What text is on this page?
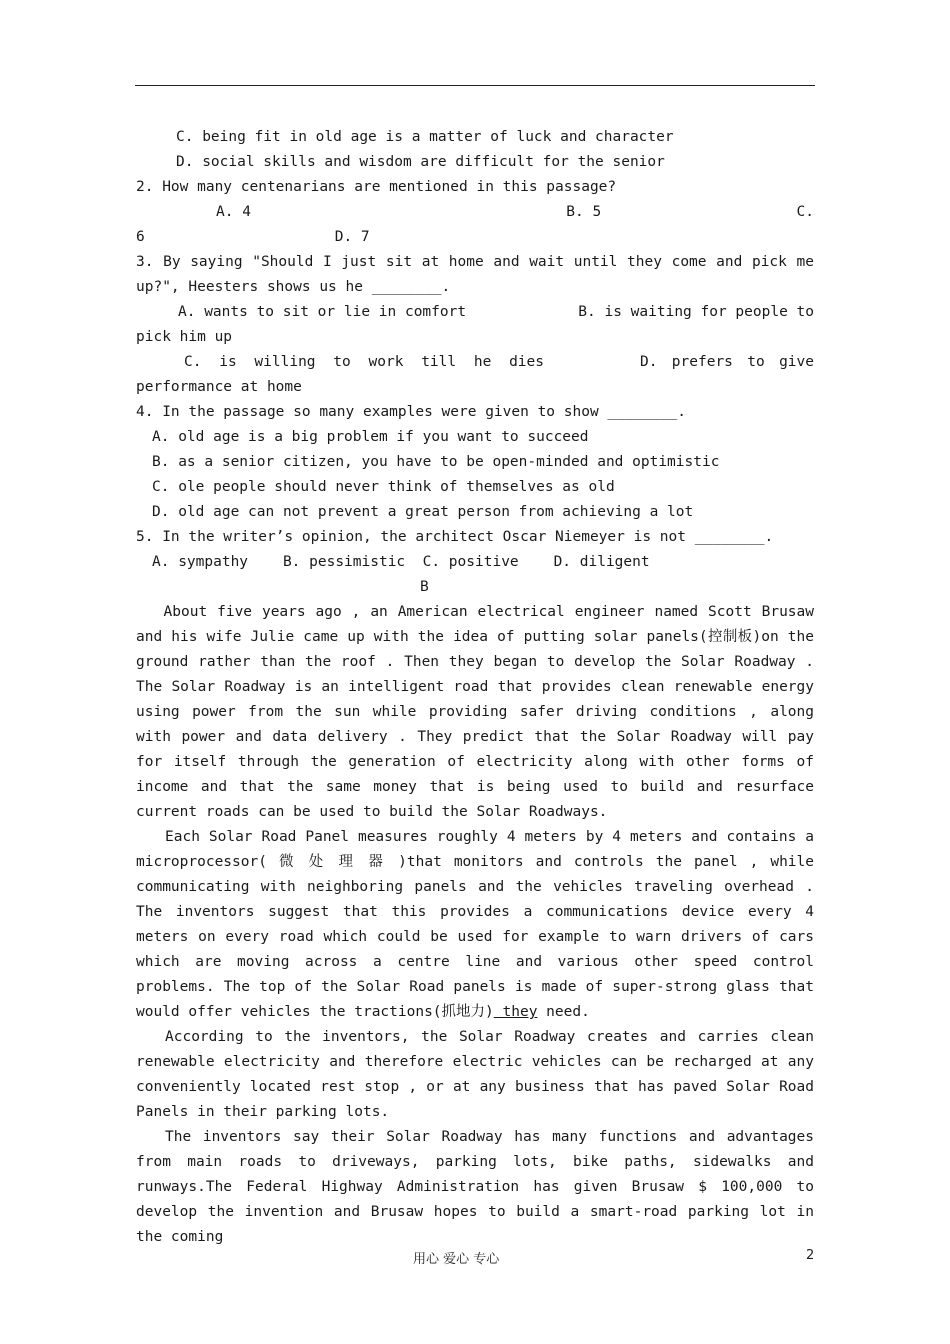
C. being fit in old age is a matter of luck and character
D. social skills and wisdom are difficult for the senior
2. How many centenarians are mentioned in this passage?
A. 4	B. 5	C.
6	D. 7
3. By saying "Should I just sit at home and wait until they come and pick me
up?", Heesters shows us he ________.
A. wants to sit or lie in comfort	B. is waiting for people to
pick him up
C. is willing to work till he dies	D. prefers to give
performance at home
4. In the passage so many examples were given to show ________.
A. old age is a big problem if you want to succeed
B. as a senior citizen, you have to be open-minded and optimistic
C. ole people should never think of themselves as old
D. old age can not prevent a great person from achieving a lot
5. In the writer’s opinion, the architect Oscar Niemeyer is not ________.
A. sympathy    B. pessimistic  C. positive    D. diligent
B

About five years ago , an American electrical engineer named Scott Brusaw and his wife Julie came up with the idea of putting solar panels(控制板)on the ground rather than the roof . Then they began to develop the Solar Roadway . The Solar Roadway is an intelligent road that provides clean renewable energy using power from the sun while providing safer driving conditions , along with power and data delivery . They predict that the Solar Roadway will pay for itself through the generation of electricity along with other forms of income and that the same money that is being used to build and resurface current roads can be used to build the Solar Roadways.

Each Solar Road Panel measures roughly 4 meters by 4 meters and contains a microprocessor( 微 处 理 器 )that monitors and controls the panel , while communicating with neighboring panels and the vehicles traveling overhead . The inventors suggest that this provides a communications device every 4 meters on every road which could be used for example to warn drivers of cars which are moving across a centre line and various other speed control problems. The top of the Solar Road panels is made of super-strong glass that would offer vehicles the tractions(抓地力) they need.

According to the inventors, the Solar Roadway creates and carries clean renewable electricity and therefore electric vehicles can be recharged at any conveniently located rest stop , or at any business that has paved Solar Road Panels in their parking lots.

The inventors say their Solar Roadway has many functions and advantages from main roads to driveways, parking lots, bike paths, sidewalks and runways.The Federal Highway Administration has given Brusaw $ 100,000 to develop the invention and Brusaw hopes to build a smart-road parking lot in the coming

用心 爱心 专心	2
